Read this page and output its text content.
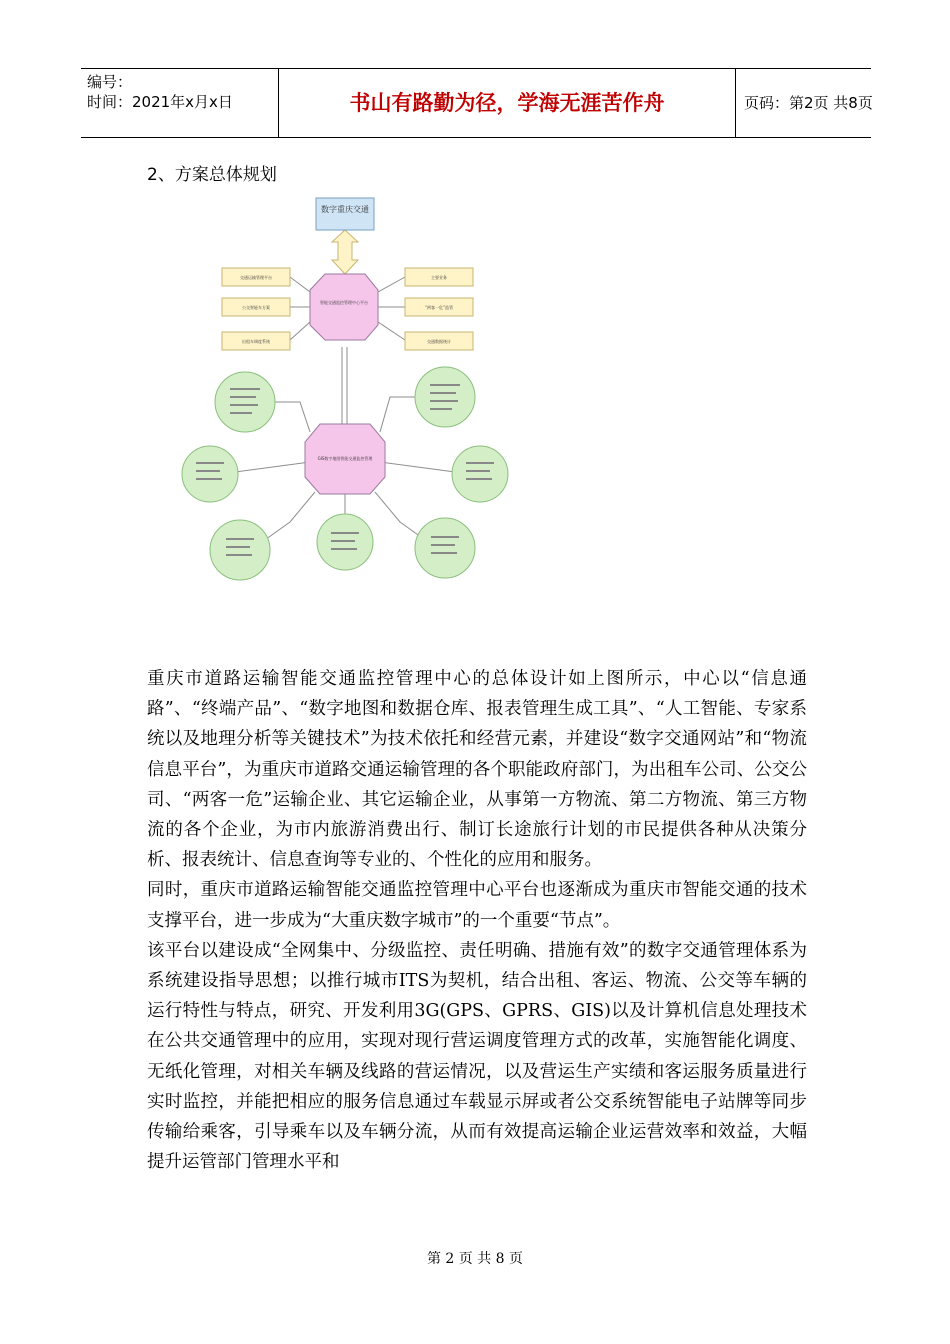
编号：
时间：2021年x月x日	书山有路勤为径，学海无涯苦作舟	页码：第2页 共8页
2、方案总体规划
数字重庆交通
交通运输管理平台
公交智能车方案
出租车调度系统
主要业务
“两客一危”监管
交通数据统计
智能交通监控管理中心平台
GIS数字地图智能交通监控管理

重庆市道路运输智能交通监控管理中心的总体设计如上图所示，中心以“信息通路”、“终端产品”、“数字地图和数据仓库、报表管理生成工具”、“人工智能、专家系统以及地理分析等关键技术”为技术依托和经营元素，并建设“数字交通网站”和“物流信息平台”，为重庆市道路交通运输管理的各个职能政府部门，为出租车公司、公交公司、“两客一危”运输企业、其它运输企业，从事第一方物流、第二方物流、第三方物流的各个企业，为市内旅游消费出行、制订长途旅行计划的市民提供各种从决策分析、报表统计、信息查询等专业的、个性化的应用和服务。

同时，重庆市道路运输智能交通监控管理中心平台也逐渐成为重庆市智能交通的技术支撑平台，进一步成为“大重庆数字城市”的一个重要“节点”。

该平台以建设成“全网集中、分级监控、责任明确、措施有效”的数字交通管理体系为系统建设指导思想；以推行城市ITS为契机，结合出租、客运、物流、公交等车辆的运行特性与特点，研究、开发利用3G(GPS、GPRS、GIS)以及计算机信息处理技术在公共交通管理中的应用，实现对现行营运调度管理方式的改革，实施智能化调度、无纸化管理，对相关车辆及线路的营运情况，以及营运生产实绩和客运服务质量进行实时监控，并能把相应的服务信息通过车载显示屏或者公交系统智能电子站牌等同步传输给乘客，引导乘车以及车辆分流，从而有效提高运输企业运营效率和效益，大幅提升运管部门管理水平和

第 2 页 共 8 页
